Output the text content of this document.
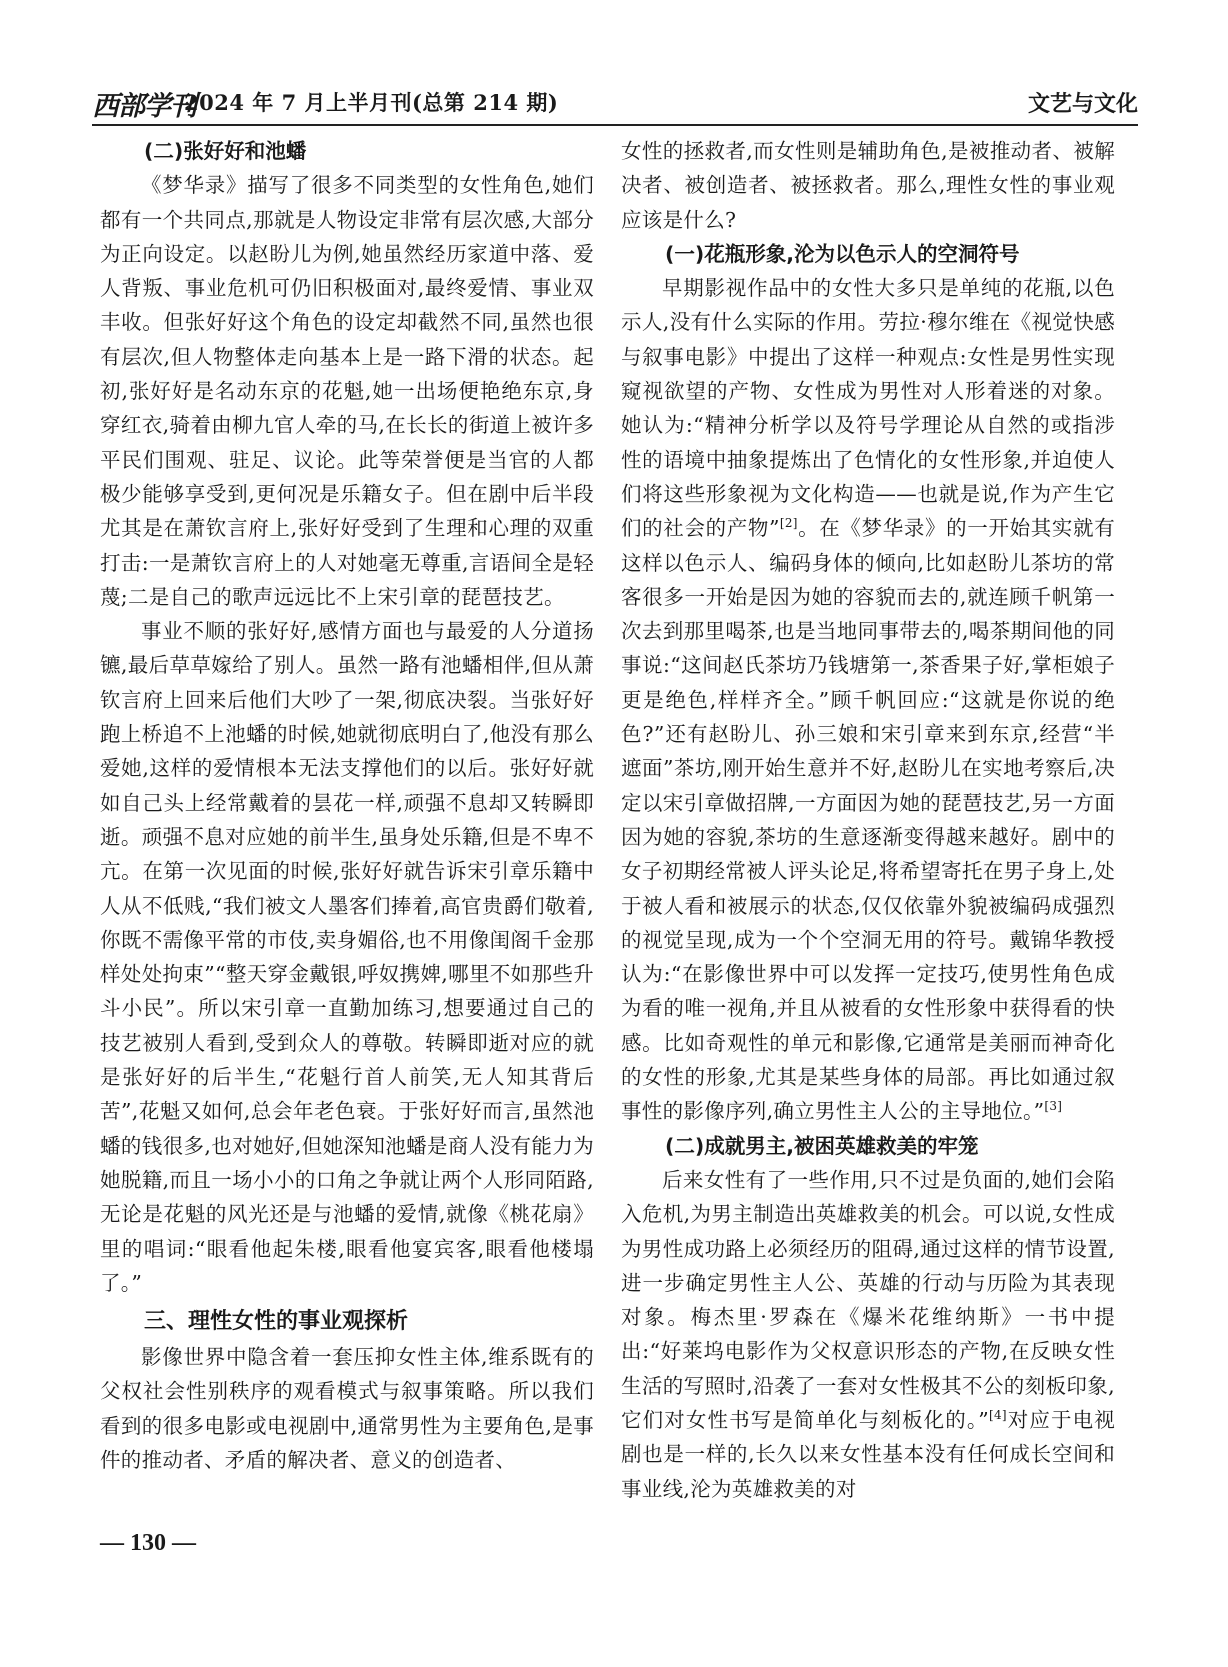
西部学刊
2024 年 7 月上半月刊(总第 214 期)	文艺与文化
(二)张好好和池蟠

《梦华录》描写了很多不同类型的女性角色,她们都有一个共同点,那就是人物设定非常有层次感,大部分为正向设定。以赵盼儿为例,她虽然经历家道中落、爱人背叛、事业危机可仍旧积极面对,最终爱情、事业双丰收。但张好好这个角色的设定却截然不同,虽然也很有层次,但人物整体走向基本上是一路下滑的状态。起初,张好好是名动东京的花魁,她一出场便艳绝东京,身穿红衣,骑着由柳九官人牵的马,在长长的街道上被许多平民们围观、驻足、议论。此等荣誉便是当官的人都极少能够享受到,更何况是乐籍女子。但在剧中后半段尤其是在萧钦言府上,张好好受到了生理和心理的双重打击:一是萧钦言府上的人对她毫无尊重,言语间全是轻蔑;二是自己的歌声远远比不上宋引章的琵琶技艺。

事业不顺的张好好,感情方面也与最爱的人分道扬镳,最后草草嫁给了别人。虽然一路有池蟠相伴,但从萧钦言府上回来后他们大吵了一架,彻底决裂。当张好好跑上桥追不上池蟠的时候,她就彻底明白了,他没有那么爱她,这样的爱情根本无法支撑他们的以后。张好好就如自己头上经常戴着的昙花一样,顽强不息却又转瞬即逝。顽强不息对应她的前半生,虽身处乐籍,但是不卑不亢。在第一次见面的时候,张好好就告诉宋引章乐籍中人从不低贱,“我们被文人墨客们捧着,高官贵爵们敬着,你既不需像平常的市伎,卖身媚俗,也不用像闺阁千金那样处处拘束”“整天穿金戴银,呼奴携婢,哪里不如那些升斗小民”。所以宋引章一直勤加练习,想要通过自己的技艺被别人看到,受到众人的尊敬。转瞬即逝对应的就是张好好的后半生,“花魁行首人前笑,无人知其背后苦”,花魁又如何,总会年老色衰。于张好好而言,虽然池蟠的钱很多,也对她好,但她深知池蟠是商人没有能力为她脱籍,而且一场小小的口角之争就让两个人形同陌路,无论是花魁的风光还是与池蟠的爱情,就像《桃花扇》里的唱词:“眼看他起朱楼,眼看他宴宾客,眼看他楼塌了。”

三、理性女性的事业观探析

影像世界中隐含着一套压抑女性主体,维系既有的父权社会性别秩序的观看模式与叙事策略。所以我们看到的很多电影或电视剧中,通常男性为主要角色,是事件的推动者、矛盾的解决者、意义的创造者、

女性的拯救者,而女性则是辅助角色,是被推动者、被解决者、被创造者、被拯救者。那么,理性女性的事业观应该是什么?

(一)花瓶形象,沦为以色示人的空洞符号

早期影视作品中的女性大多只是单纯的花瓶,以色示人,没有什么实际的作用。劳拉·穆尔维在《视觉快感与叙事电影》中提出了这样一种观点:女性是男性实现窥视欲望的产物、女性成为男性对人形着迷的对象。她认为:“精神分析学以及符号学理论从自然的或指涉性的语境中抽象提炼出了色情化的女性形象,并迫使人们将这些形象视为文化构造——也就是说,作为产生它们的社会的产物”[2]。在《梦华录》的一开始其实就有这样以色示人、编码身体的倾向,比如赵盼儿茶坊的常客很多一开始是因为她的容貌而去的,就连顾千帆第一次去到那里喝茶,也是当地同事带去的,喝茶期间他的同事说:“这间赵氏茶坊乃钱塘第一,茶香果子好,掌柜娘子更是绝色,样样齐全。”顾千帆回应:“这就是你说的绝色?”还有赵盼儿、孙三娘和宋引章来到东京,经营“半遮面”茶坊,刚开始生意并不好,赵盼儿在实地考察后,决定以宋引章做招牌,一方面因为她的琵琶技艺,另一方面因为她的容貌,茶坊的生意逐渐变得越来越好。剧中的女子初期经常被人评头论足,将希望寄托在男子身上,处于被人看和被展示的状态,仅仅依靠外貌被编码成强烈的视觉呈现,成为一个个空洞无用的符号。戴锦华教授认为:“在影像世界中可以发挥一定技巧,使男性角色成为看的唯一视角,并且从被看的女性形象中获得看的快感。比如奇观性的单元和影像,它通常是美丽而神奇化的女性的形象,尤其是某些身体的局部。再比如通过叙事性的影像序列,确立男性主人公的主导地位。”[3]

(二)成就男主,被困英雄救美的牢笼

后来女性有了一些作用,只不过是负面的,她们会陷入危机,为男主制造出英雄救美的机会。可以说,女性成为男性成功路上必须经历的阻碍,通过这样的情节设置,进一步确定男性主人公、英雄的行动与历险为其表现对象。梅杰里·罗森在《爆米花维纳斯》一书中提出:“好莱坞电影作为父权意识形态的产物,在反映女性生活的写照时,沿袭了一套对女性极其不公的刻板印象,它们对女性书写是简单化与刻板化的。”[4]对应于电视剧也是一样的,长久以来女性基本没有任何成长空间和事业线,沦为英雄救美的对

— 130 —
